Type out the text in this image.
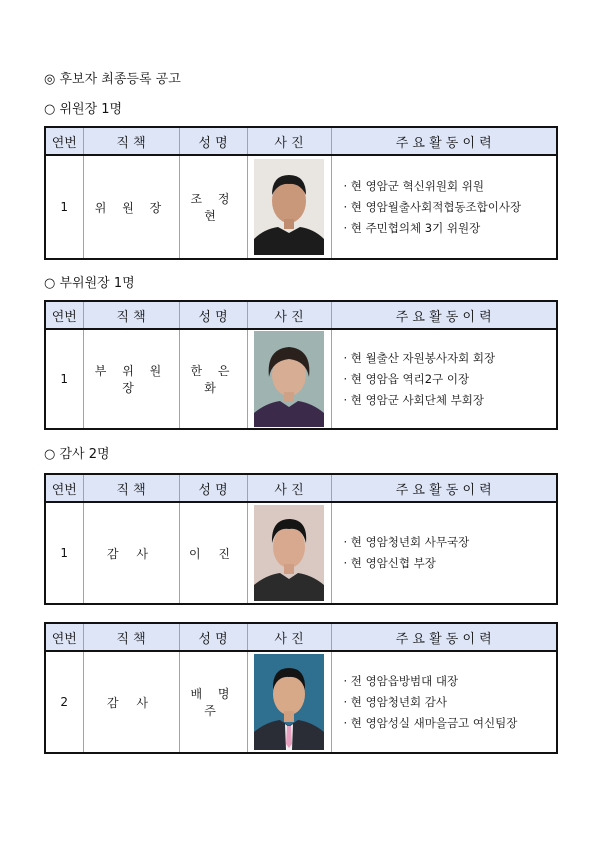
◎ 후보자 최종등록 공고
○ 위원장 1명
연번	직 책	성 명	사 진	주 요 활 동 이 력
1	위 원 장	조 정 현		· 현 영암군 혁신위원회 위원
· 현 영암월출사회적협동조합이사장
· 현 주민협의체 3기 위원장
○ 부위원장 1명
연번	직 책	성 명	사 진	주 요 활 동 이 력
1	부 위 원 장	한 은 화		· 현 월출산 자원봉사자회 회장
· 현 영암읍 역리2구 이장
· 현 영암군 사회단체 부회장
○ 감사 2명
연번	직 책	성 명	사 진	주 요 활 동 이 력
1	감 사	이 진		· 현 영암청년회 사무국장
· 현 영암신협 부장
연번	직 책	성 명	사 진	주 요 활 동 이 력
2	감 사	배 명 주		· 전 영암읍방범대 대장
· 현 영암청년회 감사
· 현 영암성실 새마을금고 여신팀장
